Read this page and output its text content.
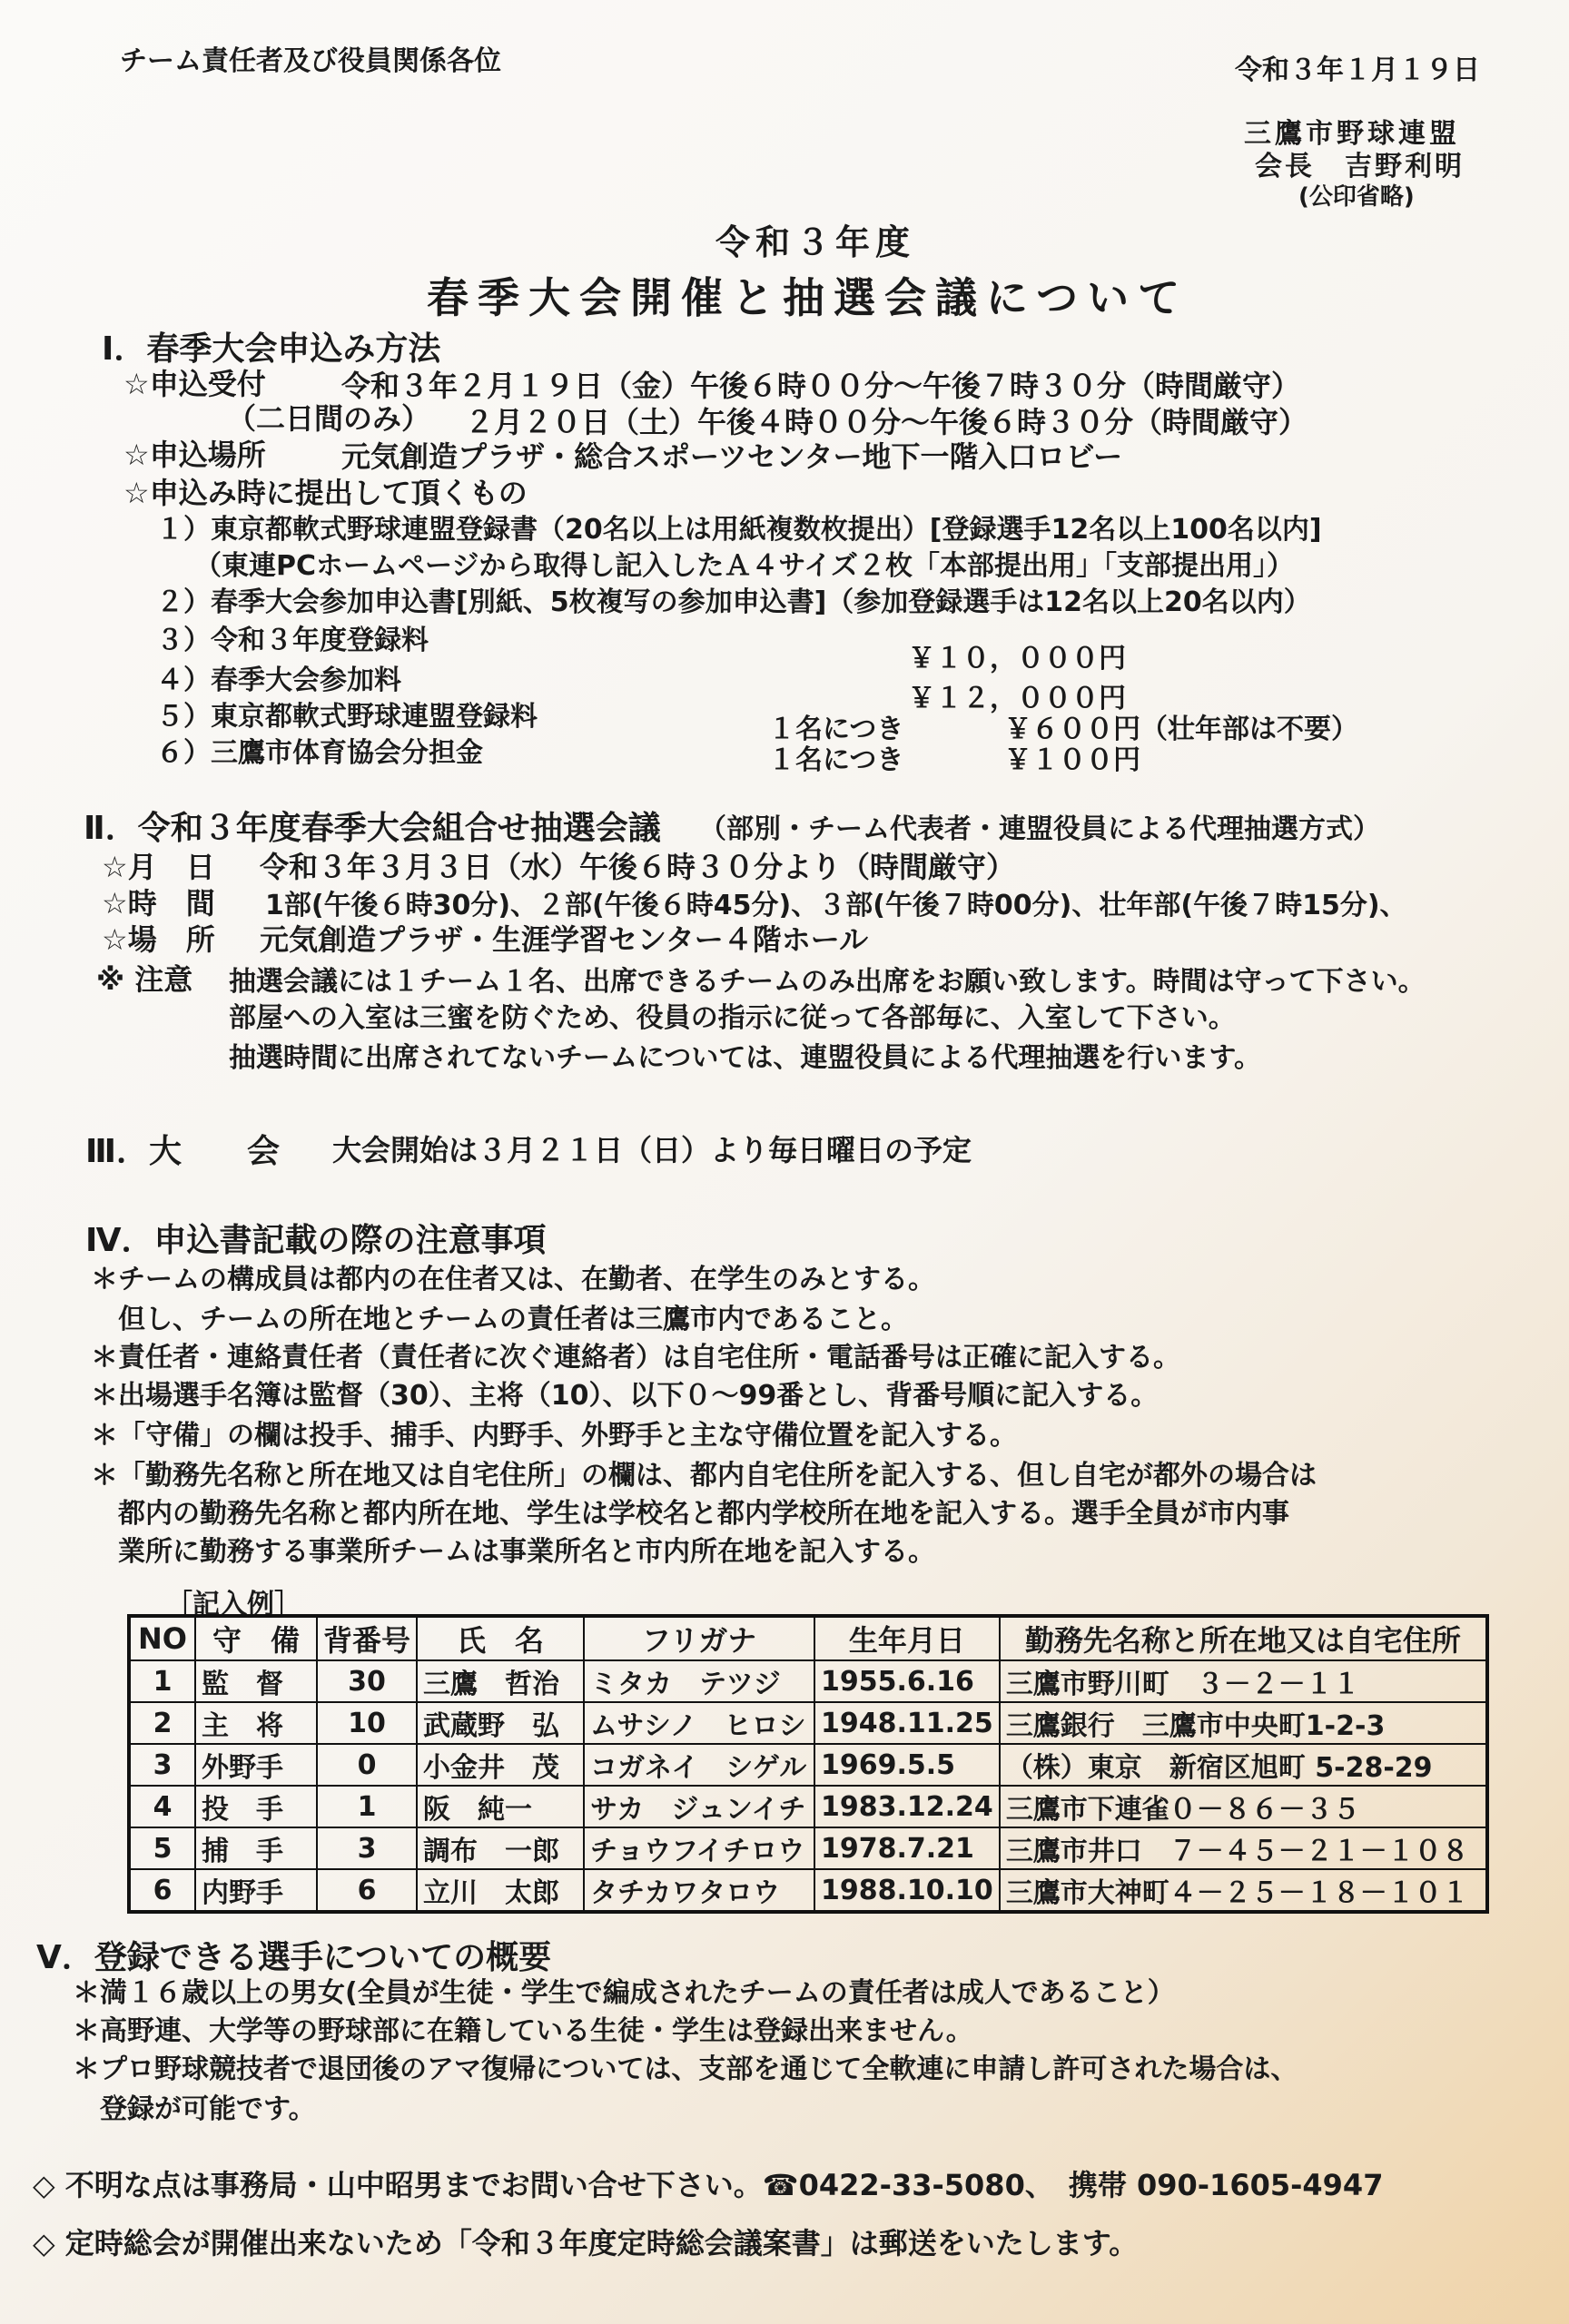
チーム責任者及び役員関係各位	令和３年１月１９日
三鷹市野球連盟
会長　吉野利明
(公印省略)
令和３年度
春季大会開催と抽選会議について
Ⅰ．春季大会申込み方法
☆申込受付	令和３年２月１９日（金）午後６時００分〜午後７時３０分（時間厳守）
（二日間のみ） ２月２０日（土）午後４時００分〜午後６時３０分（時間厳守）
☆申込場所	元気創造プラザ・総合スポーツセンター地下一階入口ロビー
☆申込み時に提出して頂くもの
１）東京都軟式野球連盟登録書（20名以上は用紙複数枚提出）[登録選手12名以上100名以内]
（東連PCホームページから取得し記入したＡ４サイズ２枚「本部提出用」「支部提出用」）
２）春季大会参加申込書[別紙、5枚複写の参加申込書]（参加登録選手は12名以上20名以内）
３）令和３年度登録料
￥１０，０００円
４）春季大会参加料
￥１２，０００円
５）東京都軟式野球連盟登録料	１名につき	￥６００円（壮年部は不要）
６）三鷹市体育協会分担金	１名につき	￥１００円
Ⅱ．令和３年度春季大会組合せ抽選会議 （部別・チーム代表者・連盟役員による代理抽選方式）
☆月　日 令和３年３月３日（水）午後６時３０分より（時間厳守）
☆時　間 1部(午後６時30分)、２部(午後６時45分)、３部(午後７時00分)、壮年部(午後７時15分)、
☆場　所 元気創造プラザ・生涯学習センター４階ホール
※ 注意 抽選会議には１チーム１名、出席できるチームのみ出席をお願い致します。時間は守って下さい。
部屋への入室は三蜜を防ぐため、役員の指示に従って各部毎に、入室して下さい。
抽選時間に出席されてないチームについては、連盟役員による代理抽選を行います。
Ⅲ．大　　会 大会開始は３月２１日（日）より毎日曜日の予定
Ⅳ．申込書記載の際の注意事項
＊チームの構成員は都内の在住者又は、在勤者、在学生のみとする。
　但し、チームの所在地とチームの責任者は三鷹市内であること。
＊責任者・連絡責任者（責任者に次ぐ連絡者）は自宅住所・電話番号は正確に記入する。
＊出場選手名簿は監督（30）、主将（10）、以下０〜99番とし、背番号順に記入する。
＊「守備」の欄は投手、捕手、内野手、外野手と主な守備位置を記入する。
＊「勤務先名称と所在地又は自宅住所」の欄は、都内自宅住所を記入する、但し自宅が都外の場合は
　都内の勤務先名称と都内所在地、学生は学校名と都内学校所在地を記入する。選手全員が市内事
　業所に勤務する事業所チームは事業所名と市内所在地を記入する。
［記入例］
NO	守　備	背番号	氏　名	フリガナ	生年月日	勤務先名称と所在地又は自宅住所
1	監　督	30	三鷹　哲治	ミタカ　テツジ	1955.6.16	三鷹市野川町　３－２－１１
2	主　将	10	武蔵野　弘	ムサシノ　ヒロシ	1948.11.25	三鷹銀行　三鷹市中央町1-2-3
3	外野手	0	小金井　茂	コガネイ　シゲル	1969.5.5	（株）東京　新宿区旭町 5-28-29
4	投　手	1	阪　純一	サカ　ジュンイチ	1983.12.24	三鷹市下連雀０－８６－３５
5	捕　手	3	調布　一郎	チョウフイチロウ	1978.7.21	三鷹市井口　７－４５－２１－１０８
6	内野手	6	立川　太郎	タチカワタロウ	1988.10.10	三鷹市大神町４－２５－１８－１０１
Ⅴ．登録できる選手についての概要
＊満１６歳以上の男女(全員が生徒・学生で編成されたチームの責任者は成人であること）
＊高野連、大学等の野球部に在籍している生徒・学生は登録出来ません。
＊プロ野球競技者で退団後のアマ復帰については、支部を通じて全軟連に申請し許可された場合は、
　登録が可能です。
◇ 不明な点は事務局・山中昭男までお問い合せ下さい。☎0422-33-5080、　携帯 090-1605-4947
◇ 定時総会が開催出来ないため「令和３年度定時総会議案書」は郵送をいたします。
